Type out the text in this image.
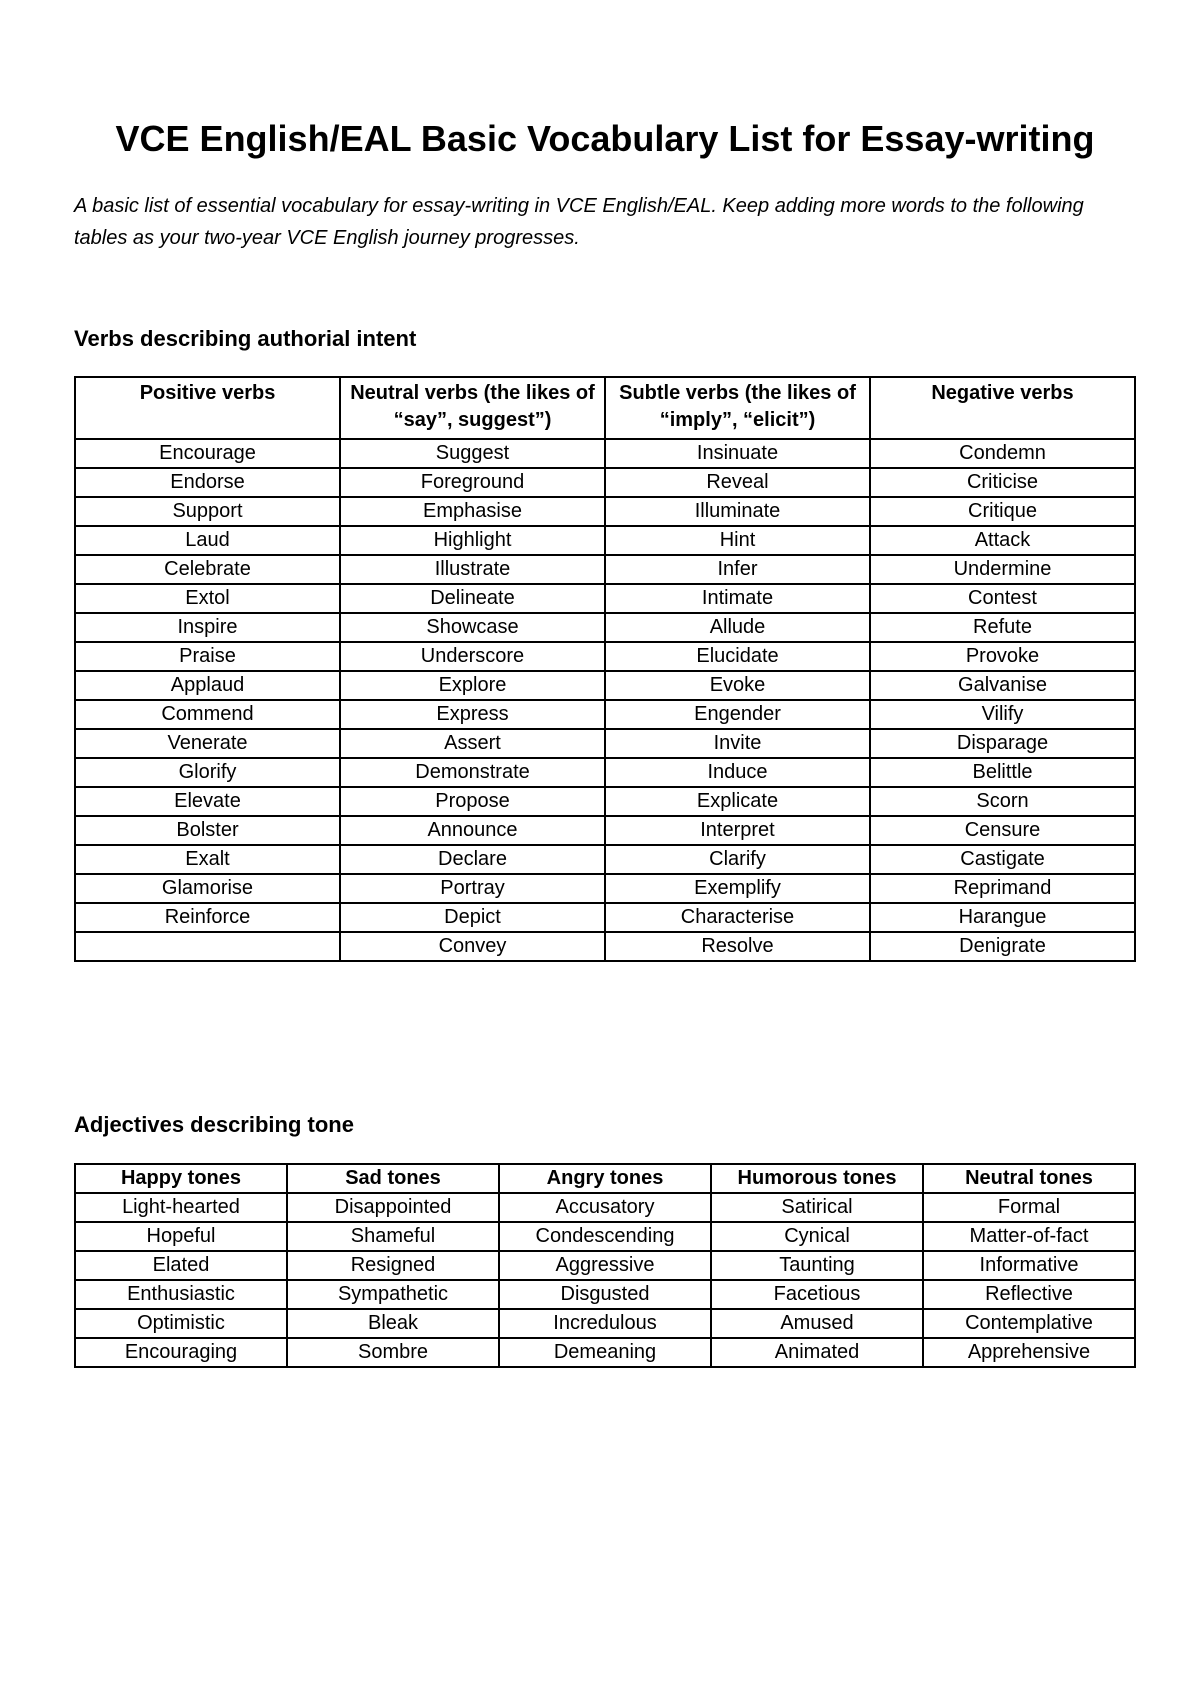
VCE English/EAL Basic Vocabulary List for Essay-writing

A basic list of essential vocabulary for essay-writing in VCE English/EAL. Keep adding more words to the following tables as your two-year VCE English journey progresses.

Verbs describing authorial intent
Positive verbs	Neutral verbs (the likes of “say”, suggest”)	Subtle verbs (the likes of “imply”, “elicit”)	Negative verbs
Encourage	Suggest	Insinuate	Condemn
Endorse	Foreground	Reveal	Criticise
Support	Emphasise	Illuminate	Critique
Laud	Highlight	Hint	Attack
Celebrate	Illustrate	Infer	Undermine
Extol	Delineate	Intimate	Contest
Inspire	Showcase	Allude	Refute
Praise	Underscore	Elucidate	Provoke
Applaud	Explore	Evoke	Galvanise
Commend	Express	Engender	Vilify
Venerate	Assert	Invite	Disparage
Glorify	Demonstrate	Induce	Belittle
Elevate	Propose	Explicate	Scorn
Bolster	Announce	Interpret	Censure
Exalt	Declare	Clarify	Castigate
Glamorise	Portray	Exemplify	Reprimand
Reinforce	Depict	Characterise	Harangue
	Convey	Resolve	Denigrate
Adjectives describing tone
Happy tones	Sad tones	Angry tones	Humorous tones	Neutral tones
Light-hearted	Disappointed	Accusatory	Satirical	Formal
Hopeful	Shameful	Condescending	Cynical	Matter-of-fact
Elated	Resigned	Aggressive	Taunting	Informative
Enthusiastic	Sympathetic	Disgusted	Facetious	Reflective
Optimistic	Bleak	Incredulous	Amused	Contemplative
Encouraging	Sombre	Demeaning	Animated	Apprehensive
